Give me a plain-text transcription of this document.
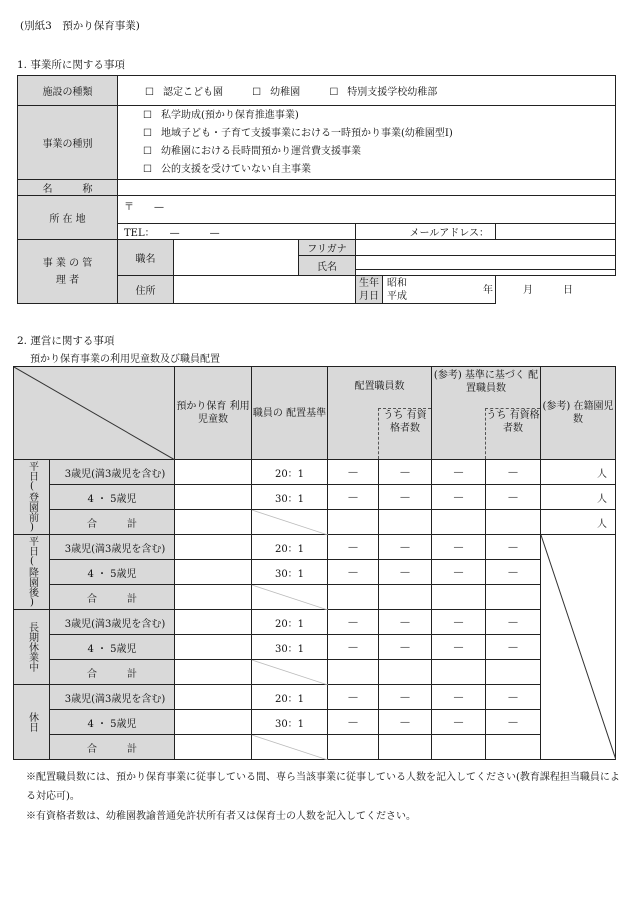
(別紙3　預かり保育事業)
1. 事業所に関する事項
施設の種類	☐ 認定こども園 ☐ 幼稚園 ☐ 特別支援学校幼稚部					
事業の種別	☐ 私学助成(預かり保育推進事業)
☐ 地域子ども・子育て支援事業における一時預かり事業(幼稚園型Ⅰ)
☐ 幼稚園における長時間預かり運営費支援事業
☐ 公的支援を受けていない自主事業					

名　　　称						
所 在 地	〒　　—					
	TEL：　　—　　　—			メールアドレス：		
事 業 の 管 理 者	職名		フリガナ			
			氏名			

	住所			生年 月日	昭和
平成 年　　　月　　　日	
2. 運営に関する事項
預かり保育事業の利用児童数及び職員配置
	預かり保育 利用児童数	職員の 配置基準	配置職員数		(参考) 基準に基づく 配置職員数		(参考) 在籍園児数
					うち 有資格者数		うち 有資格者数	
平日(登園前)	3歳児(満3歳児を含む)		20：1	—	—	—	—	人
	4 ・ 5歳児		30：1	—	—	—	—	人
	合　　　計							人
平日(降園後)	3歳児(満3歳児を含む)		20：1	—	—	—	—	

	4 ・ 5歳児		30：1	—	—	—	—	
	合　　　計		

長期休業中	3歳児(満3歳児を含む)		20：1	—	—	—	—	
	4 ・ 5歳児		30：1	—	—	—	—	
	合　　　計		

休日	3歳児(満3歳児を含む)		20：1	—	—	—	—	
	4 ・ 5歳児		30：1	—	—	—	—	
	合　　　計		

※配置職員数には、預かり保育事業に従事している間、専ら当該事業に従事している人数を記入してください(教育課程担当職員による対応可)。
※有資格者数は、幼稚園教諭普通免許状所有者又は保育士の人数を記入してください。
